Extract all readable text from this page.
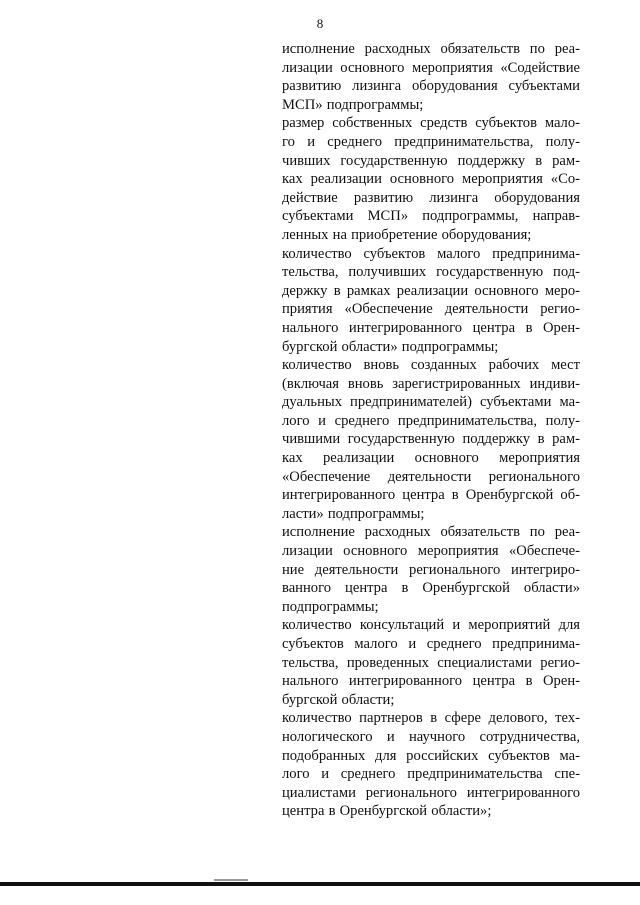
8
исполнение расходных обязательств по реа-
лизации основного мероприятия «Содействие
развитию лизинга оборудования субъектами
МСП» подпрограммы;
размер собственных средств субъектов мало-
го и среднего предпринимательства, полу-
чивших государственную поддержку в рам-
ках реализации основного мероприятия «Со-
действие развитию лизинга оборудования
субъектами МСП» подпрограммы, направ-
ленных на приобретение оборудования;
количество субъектов малого предпринима-
тельства, получивших государственную под-
держку в рамках реализации основного меро-
приятия «Обеспечение деятельности регио-
нального интегрированного центра в Орен-
бургской области» подпрограммы;
количество вновь созданных рабочих мест
(включая вновь зарегистрированных индиви-
дуальных предпринимателей) субъектами ма-
лого и среднего предпринимательства, полу-
чившими государственную поддержку в рам-
ках реализации основного мероприятия
«Обеспечение деятельности регионального
интегрированного центра в Оренбургской об-
ласти» подпрограммы;
исполнение расходных обязательств по реа-
лизации основного мероприятия «Обеспече-
ние деятельности регионального интегриро-
ванного центра в Оренбургской области»
подпрограммы;
количество консультаций и мероприятий для
субъектов малого и среднего предпринима-
тельства, проведенных специалистами регио-
нального интегрированного центра в Орен-
бургской области;
количество партнеров в сфере делового, тех-
нологического и научного сотрудничества,
подобранных для российских субъектов ма-
лого и среднего предпринимательства спе-
циалистами регионального интегрированного
центра в Оренбургской области»;
